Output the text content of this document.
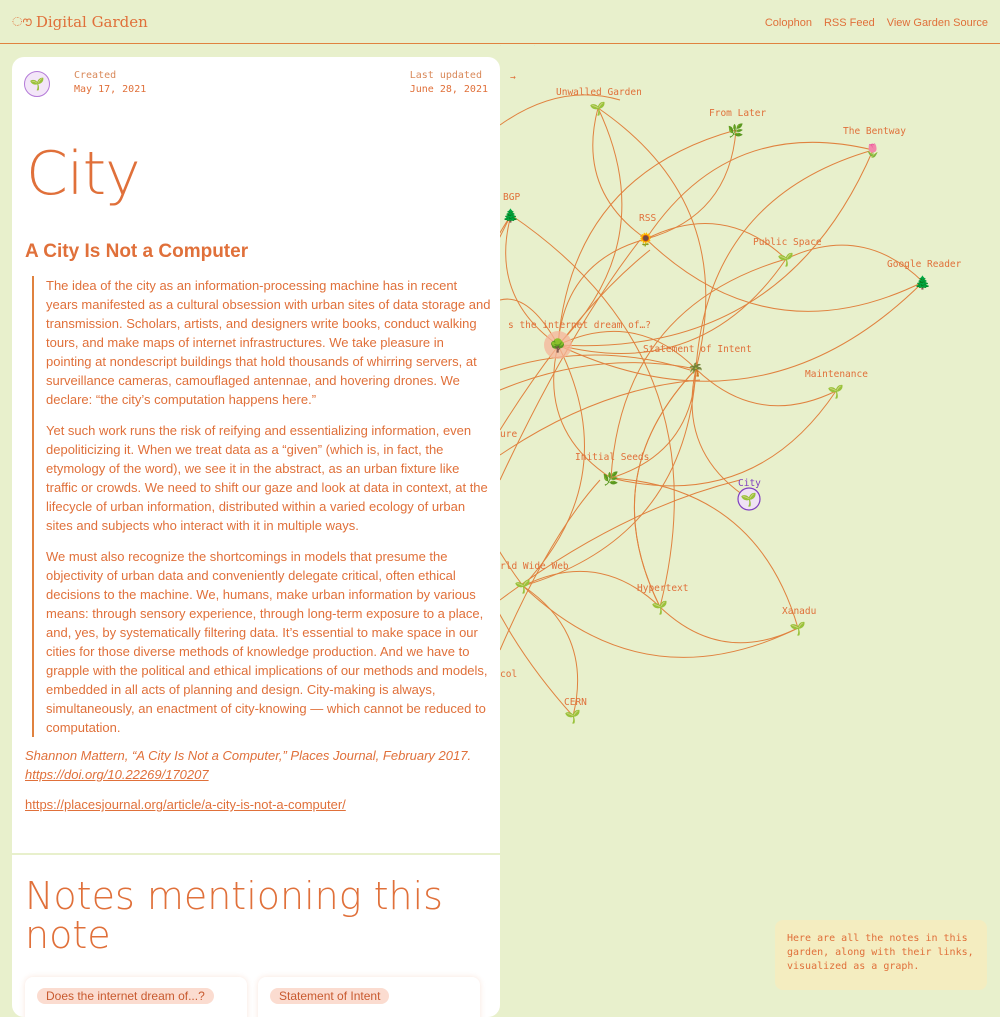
ൗ Digital Garden	Colophon RSS Feed View Garden Source
🌱
Unwalled Garden
🌿
From Later
🌷
The Bentway
🌲
BGP
🌻
RSS
🌱
Public Space
🌲
Google Reader
🌳
s the internet dream of…?
🌴
Statement of Intent
🌱
Maintenance
ure
🌿
Initial Seeds
🌱
City
🌱
rld Wide Web
🌱
Hypertext
🌱
Xanadu
col
🌱
CERN
→
🌱
Created
May 17, 2021
Last updated
June 28, 2021
City
A City Is Not a Computer

The idea of the city as an information-processing machine has in recent years manifested as a cultural obsession with urban sites of data storage and transmission. Scholars, artists, and designers write books, conduct walking tours, and make maps of internet infrastructures. We take pleasure in pointing at nondescript buildings that hold thousands of whirring servers, at surveillance cameras, camouflaged antennae, and hovering drones. We declare: “the city’s computation happens here.”

Yet such work runs the risk of reifying and essentializing information, even depoliticizing it. When we treat data as a “given” (which is, in fact, the etymology of the word), we see it in the abstract, as an urban fixture like traffic or crowds. We need to shift our gaze and look at data in context, at the lifecycle of urban information, distributed within a varied ecology of urban sites and subjects who interact with it in multiple ways.

We must also recognize the shortcomings in models that presume the objectivity of urban data and conveniently delegate critical, often ethical decisions to the machine. We, humans, make urban information by various means: through sensory experience, through long-term exposure to a place, and, yes, by systematically filtering data. It’s essential to make space in our cities for those diverse methods of knowledge production. And we have to grapple with the political and ethical implications of our methods and models, embedded in all acts of planning and design. City-making is always, simultaneously, an enactment of city-knowing — which cannot be reduced to computation.

Shannon Mattern, “A City Is Not a Computer,” Places Journal, February 2017.
https://doi.org/10.22269/170207
https://placesjournal.org/article/a-city-is-not-a-computer/
Notes mentioning this note
Does the internet dream of...?	Statement of Intent
Here are all the notes in this garden, along with their links, visualized as a graph.
